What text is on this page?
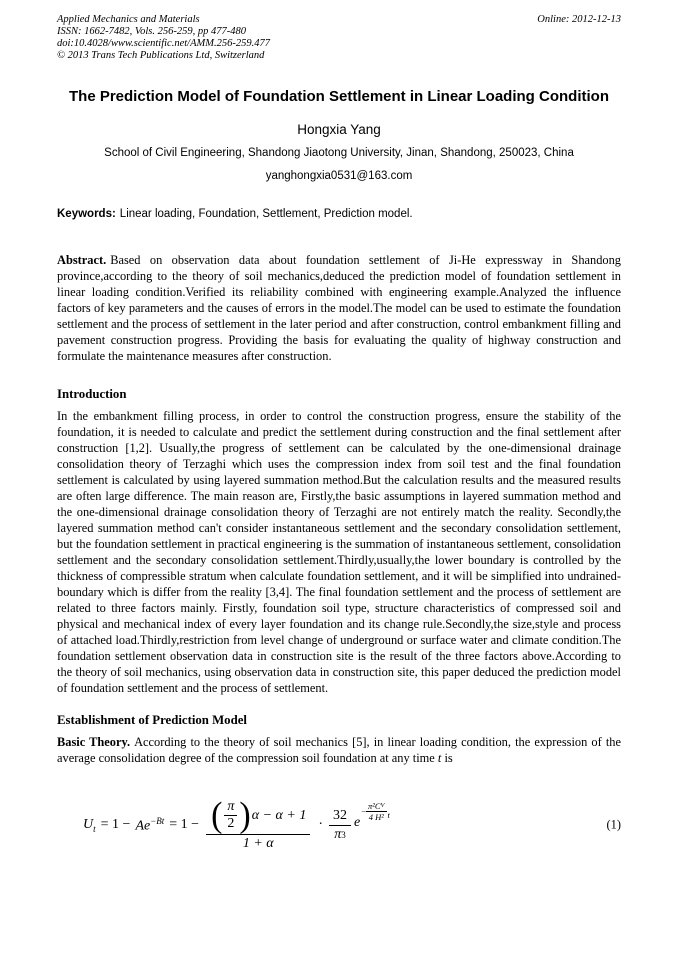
Applied Mechanics and Materials
ISSN: 1662-7482, Vols. 256-259, pp 477-480
doi:10.4028/www.scientific.net/AMM.256-259.477
© 2013 Trans Tech Publications Ltd, Switzerland
Online: 2012-12-13
The Prediction Model of Foundation Settlement in Linear Loading Condition
Hongxia Yang
School of Civil Engineering, Shandong Jiaotong University, Jinan, Shandong, 250023, China
yanghongxia0531@163.com
Keywords: Linear loading, Foundation, Settlement, Prediction model.

Abstract. Based on observation data about foundation settlement of Ji-He expressway in Shandong province,according to the theory of soil mechanics,deduced the prediction model of foundation settlement in linear loading condition.Verified its reliability combined with engineering example.Analyzed the influence factors of key parameters and the causes of errors in the model.The model can be used to estimate the foundation settlement and the process of settlement in the later period and after construction, control embankment filling and pavement construction progress. Providing the basis for evaluating the quality of highway construction and formulate the maintenance measures after construction.

Introduction

In the embankment filling process, in order to control the construction progress, ensure the stability of the foundation, it is needed to calculate and predict the settlement during construction and the final settlement after construction [1,2]. Usually,the progress of settlement can be calculated by the one-dimensional drainage consolidation theory of Terzaghi which uses the compression index from soil test and the final foundation settlement is calculated by using layered summation method.But the calculation results and the measured results are often large difference. The main reason are, Firstly,the basic assumptions in layered summation method and the one-dimensional drainage consolidation theory of Terzaghi are not entirely match the reality. Secondly,the layered summation method can't consider instantaneous settlement and the secondary consolidation settlement, but the foundation settlement in practical engineering is the summation of instantaneous settlement, consolidation settlement and the secondary consolidation settlement.Thirdly,usually,the lower boundary is controlled by the thickness of compressible stratum when calculate foundation settlement, and it will be simplified into undrained-boundary which is differ from the reality [3,4]. The final foundation settlement and the process of settlement are related to three factors mainly. Firstly, foundation soil type, structure characteristics of compressed soil and physical and mechanical index of every layer foundation and its change rule.Secondly,the size,style and process of attached load.Thirdly,restriction from level change of underground or surface water and climate condition.The foundation settlement observation data in construction site is the result of the three factors above.According to the theory of soil mechanics, using observation data in construction site, this paper deduced the prediction model of foundation settlement and the process of settlement.

Establishment of Prediction Model

Basic Theory. According to the theory of soil mechanics [5], in linear loading condition, the expression of the average consolidation degree of the compression soil foundation at any time t is

$U_t = 1 - Ae^{-Bt} = 1$ − ( $\frac{\pi}{2}$ ) α − α + 1
1 + α
· $\frac{32}{\pi 3}$ e
− $\frac{\text{π²C V}}{\text{4 H²}}$ t
(1)
